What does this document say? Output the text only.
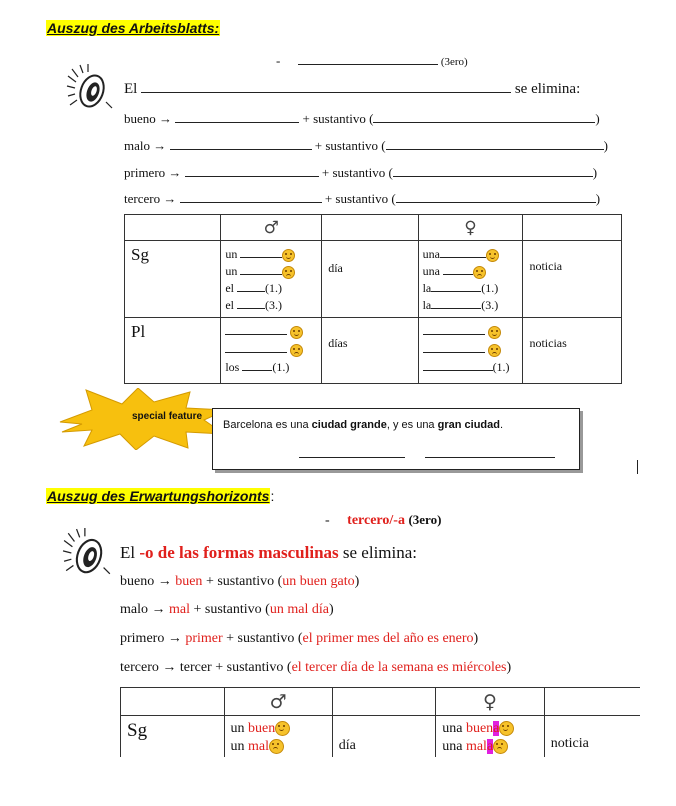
Auszug des Arbeitsblatts:
-	(3ero)
El	se elimina:
bueno →	+ sustantivo (	)
malo →	+ sustantivo (	)
primero →	+ sustantivo (	)
tercero →	+ sustantivo (	)
	♂		♀	
Sg	un
un
el (1.)
el (3.)	día	una
una
la (1.)
la (3.)	noticia
Pl	los (1.)	días	(1.)	noticias
special feature
Barcelona es una ciudad grande, y es una gran ciudad.
Auszug des Erwartungshorizonts:
- tercero/-a (3ero)
El -o de las formas masculinas se elimina:
bueno → buen + sustantivo (un buen gato)
malo → mal + sustantivo (un mal día)
primero → primer + sustantivo (el primer mes del año es enero)
tercero → tercer + sustantivo (el tercer día de la semana es miércoles)
	♂		♀	
Sg	un buen
un mal	día	una buena
una mala	noticia
